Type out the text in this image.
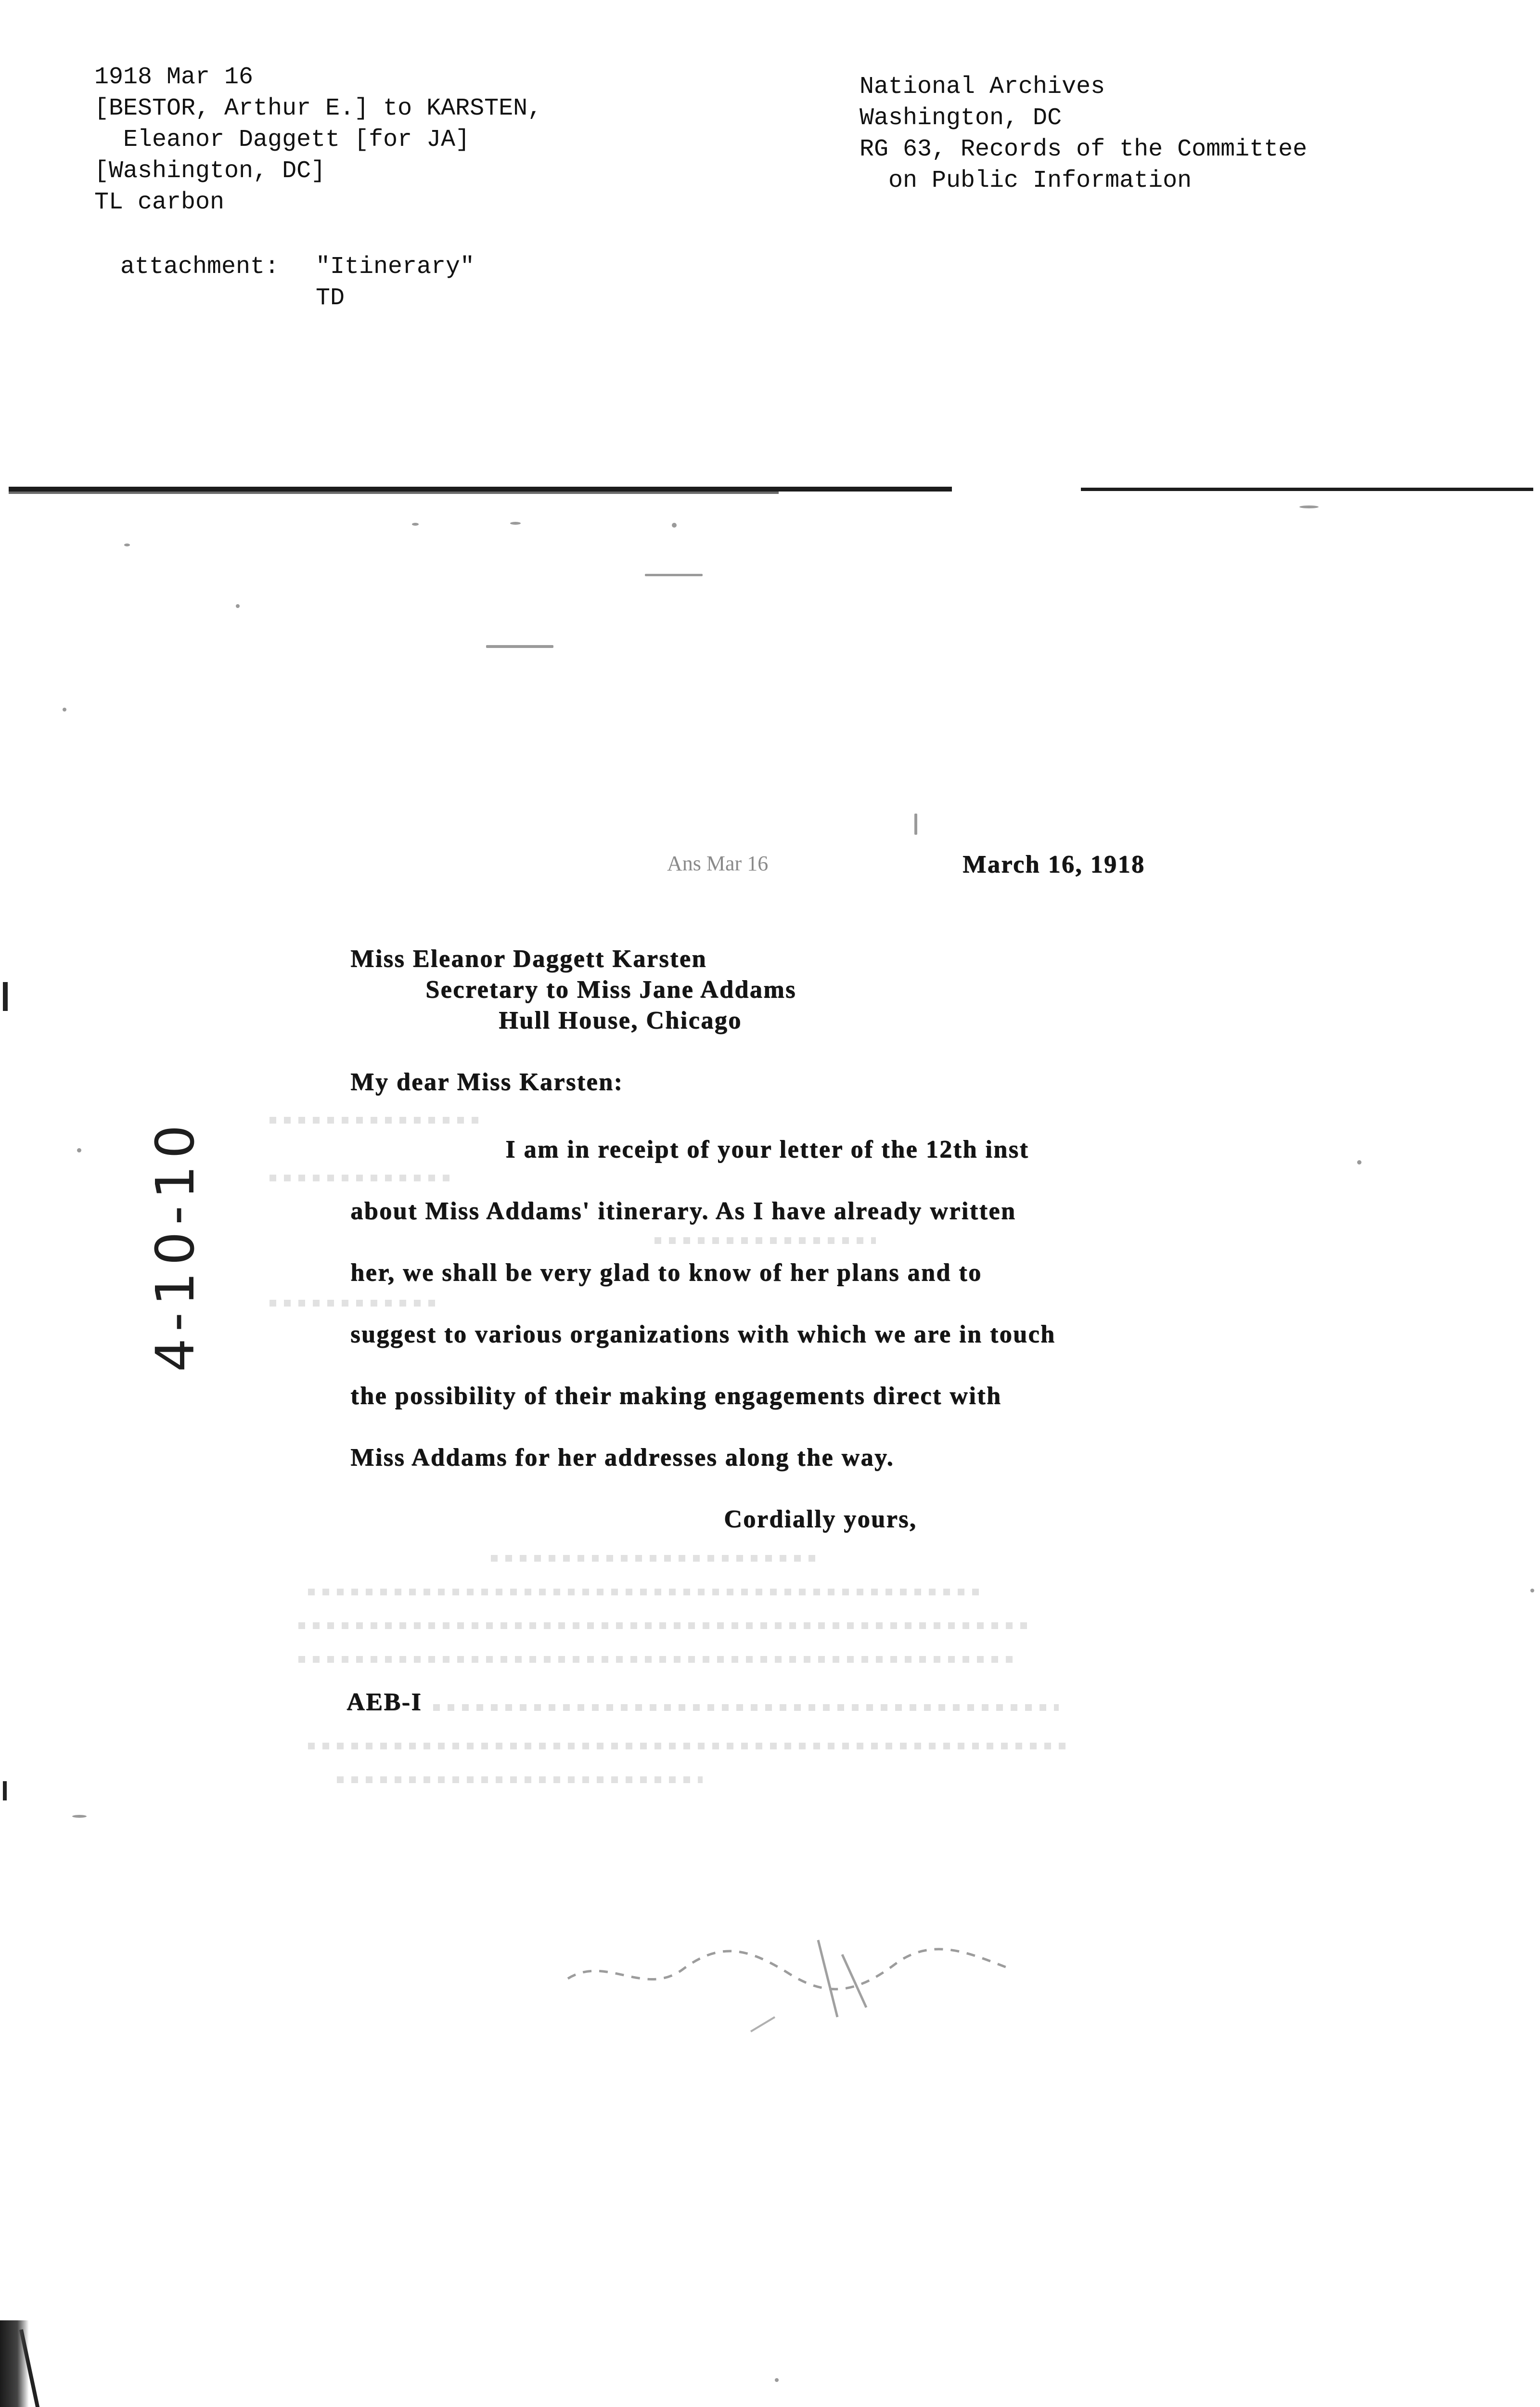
1918 Mar 16

[BESTOR, Arthur E.] to KARSTEN,

Eleanor Daggett [for JA]

[Washington, DC]

TL carbon

attachment: "Itinerary"

TD

National Archives

Washington, DC

RG 63, Records of the Committee

on Public Information

Ans Mar 16	March 16, 1918

Miss Eleanor Daggett Karsten

Secretary to Miss Jane Addams

Hull House, Chicago

My dear Miss Karsten:

I am in receipt of your letter of the 12th inst

about Miss Addams' itinerary. As I have already written

her, we shall be very glad to know of her plans and to

suggest to various organizations with which we are in touch

the possibility of their making engagements direct with

Miss Addams for her addresses along the way.

Cordially yours,

AEB-I

4-10-10
